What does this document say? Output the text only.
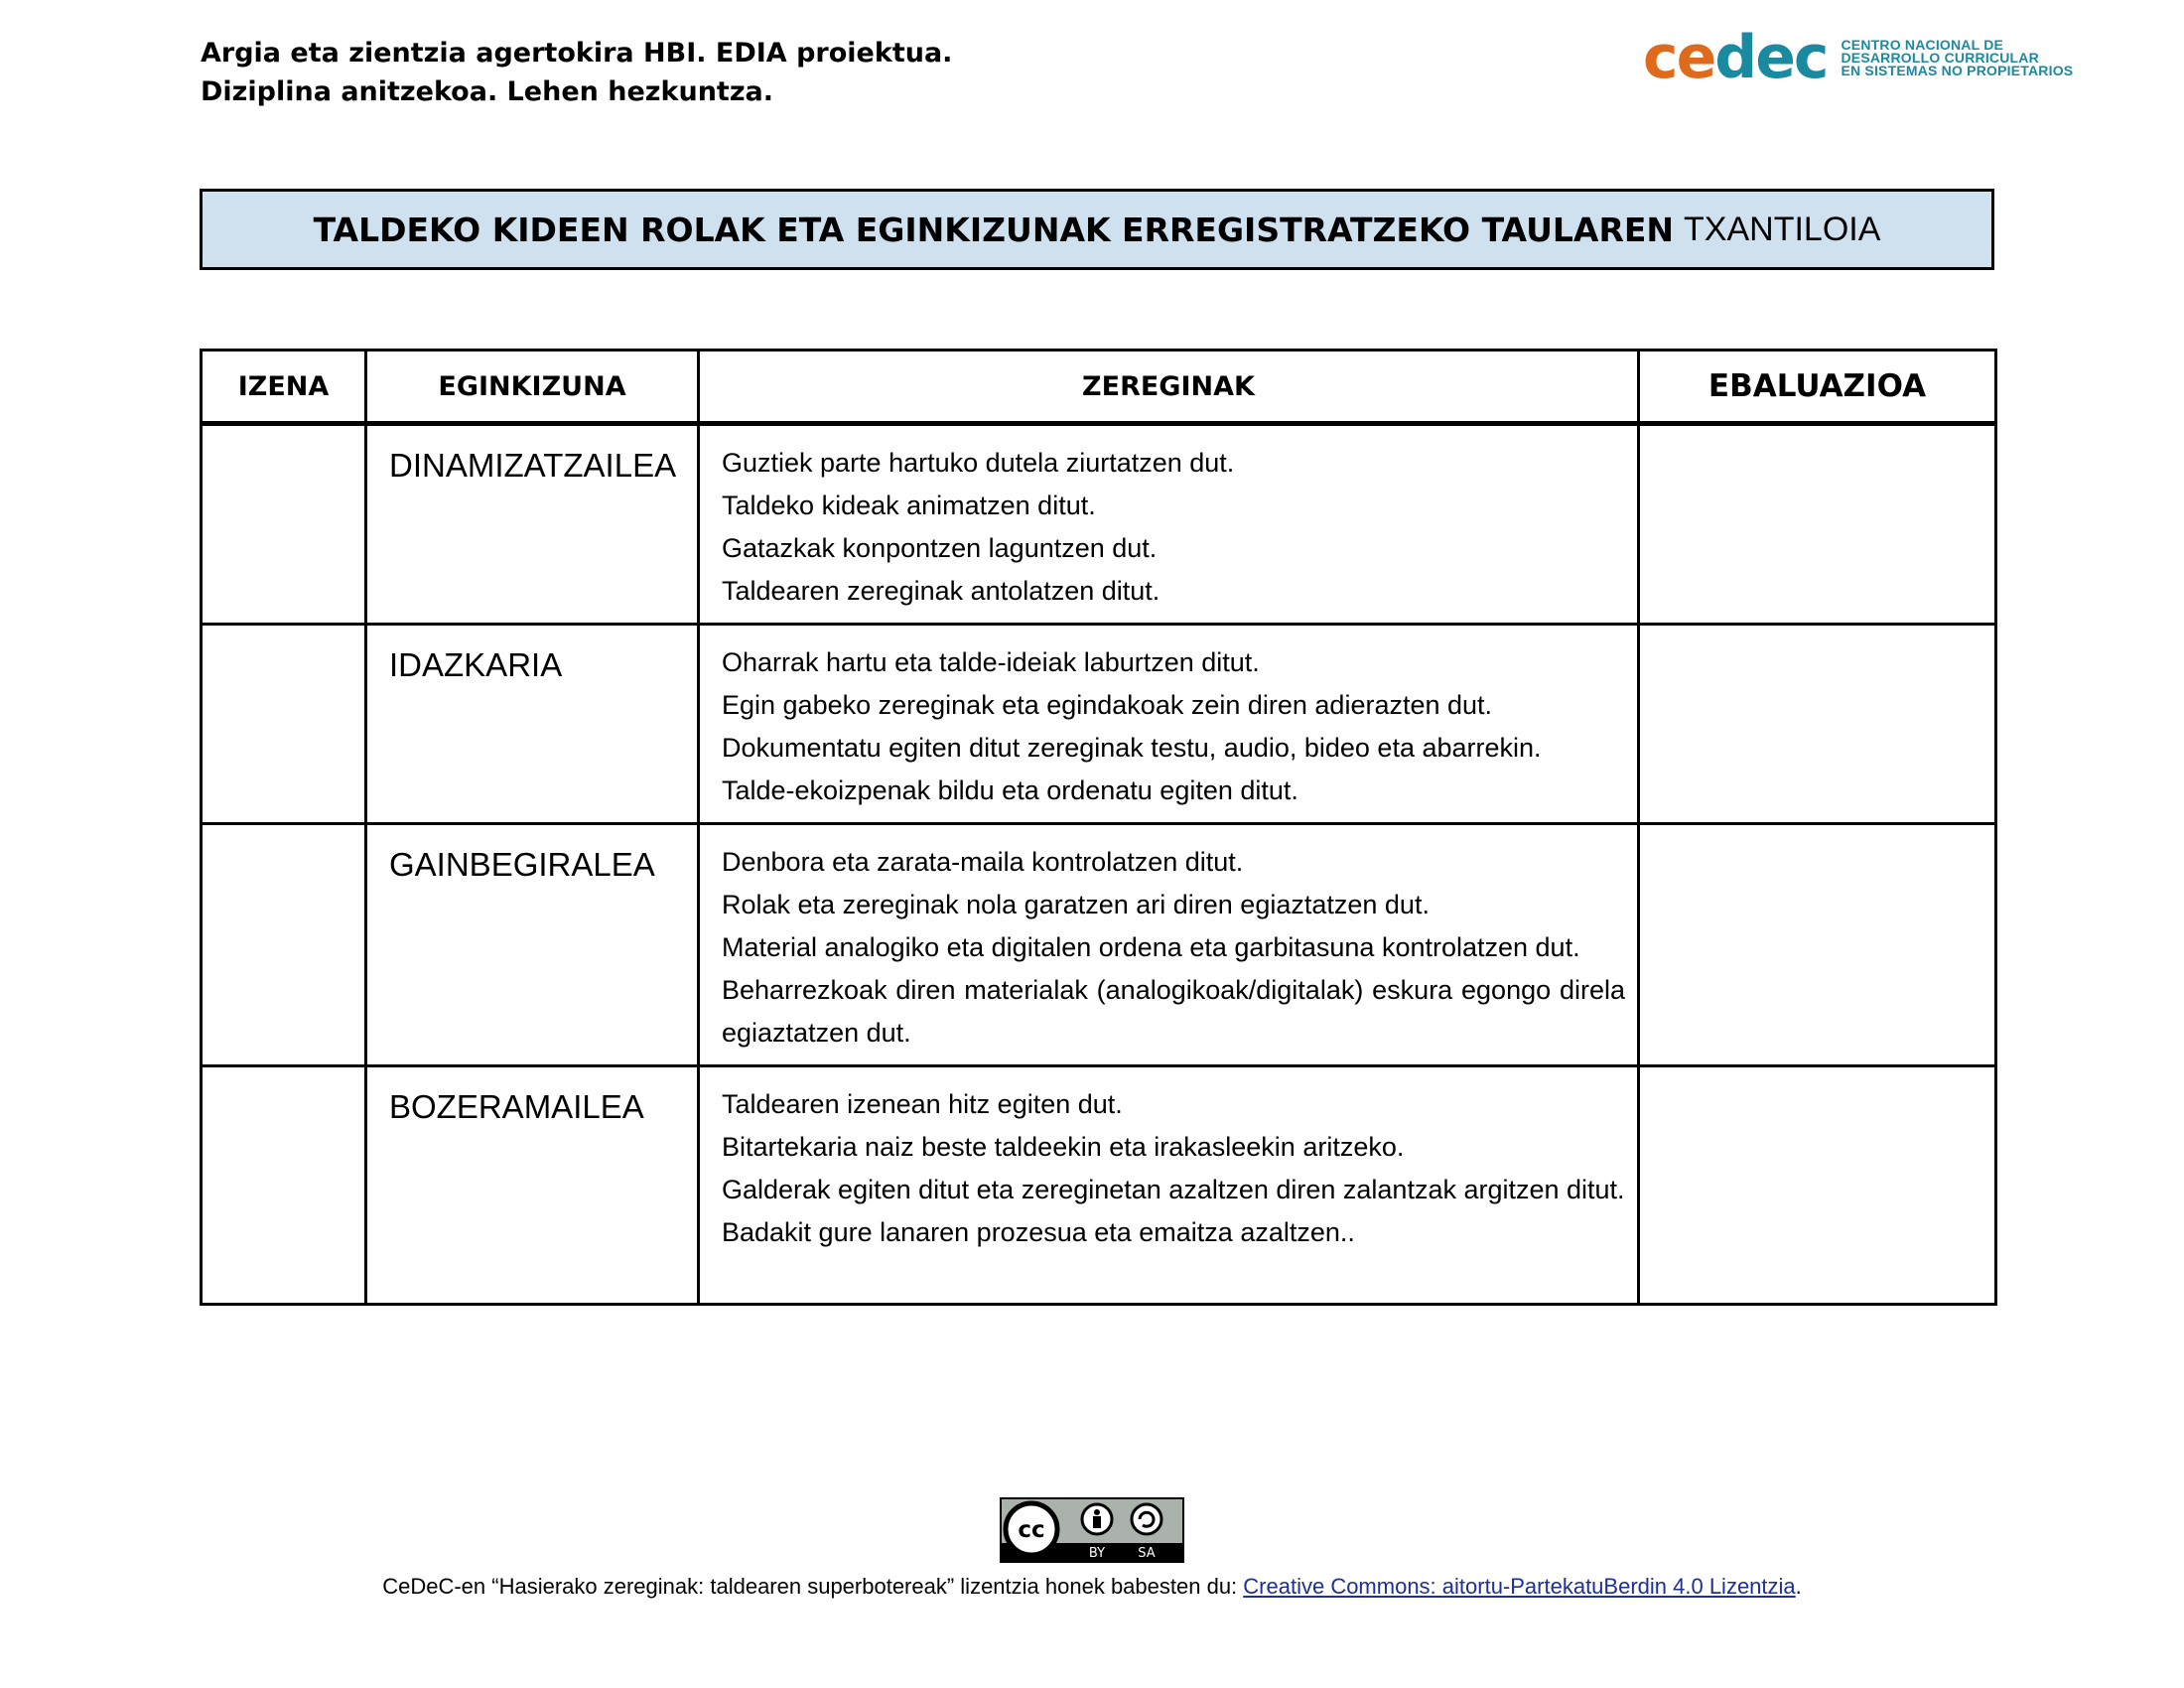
Argia eta zientzia agertokira HBI. EDIA proiektua.
Diziplina anitzekoa. Lehen hezkuntza.	cedec CENTRO NACIONAL DE
DESARROLLO CURRICULAR
EN SISTEMAS NO PROPIETARIOS
TALDEKO KIDEEN ROLAK ETA EGINKIZUNAK ERREGISTRATZEKO TAULAREN TXANTILOIA
IZENA	EGINKIZUNA	ZEREGINAK	EBALUAZIOA
	DINAMIZATZAILEA	Guztiek parte hartuko dutela ziurtatzen dut.

Taldeko kideak animatzen ditut.

Gatazkak konpontzen laguntzen dut.

Taldearen zereginak antolatzen ditut.	

	IDAZKARIA	Oharrak hartu eta talde-ideiak laburtzen ditut.

Egin gabeko zereginak eta egindakoak zein diren adierazten dut.

Dokumentatu egiten ditut zereginak testu, audio, bideo eta abarrekin.

Talde-ekoizpenak bildu eta ordenatu egiten ditut.	

	GAINBEGIRALEA	Denbora eta zarata-maila kontrolatzen ditut.

Rolak eta zereginak nola garatzen ari diren egiaztatzen dut.

Material analogiko eta digitalen ordena eta garbitasuna kontrolatzen dut.

Beharrezkoak diren materialak (analogikoak/digitalak) eskura egongo direla egiaztatzen dut.	

	BOZERAMAILEA	Taldearen izenean hitz egiten dut.

Bitartekaria naiz beste taldeekin eta irakasleekin aritzeko.

Galderak egiten ditut eta zereginetan azaltzen diren zalantzak argitzen ditut.

Badakit gure lanaren prozesua eta emaitza azaltzen..	

cc
BY	SA
CeDeC-en “Hasierako zereginak: taldearen superbotereak” lizentzia honek babesten du: Creative Commons: aitortu-PartekatuBerdin 4.0 Lizentzia.
